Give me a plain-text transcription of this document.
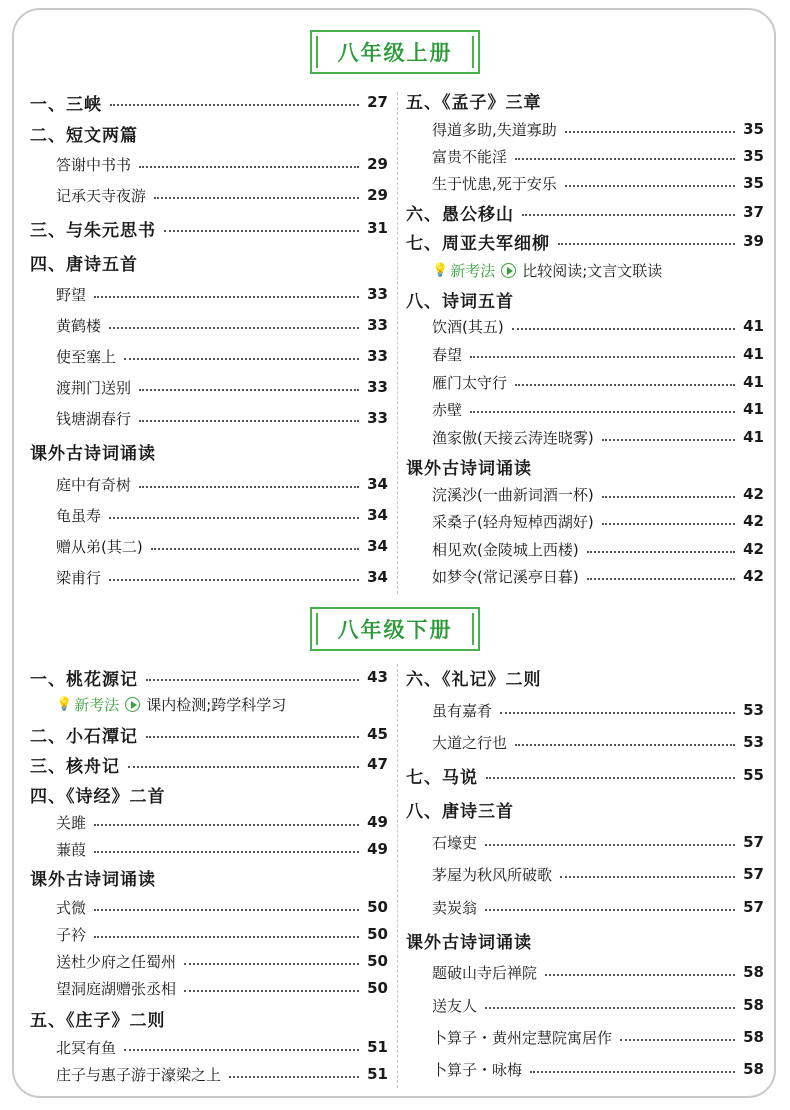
八年级上册
一、三峡	27
二、短文两篇
答谢中书书	29
记承天寺夜游	29
三、与朱元思书	31
四、唐诗五首
野望	33
黄鹤楼	33
使至塞上	33
渡荆门送别	33
钱塘湖春行	33
课外古诗词诵读
庭中有奇树	34
龟虽寿	34
赠从弟(其二)	34
梁甫行	34
五、《孟子》三章
得道多助,失道寡助	35
富贵不能淫	35
生于忧患,死于安乐	35
六、愚公移山	37
七、周亚夫军细柳	39
💡 新考法 比较阅读;文言文联读
八、诗词五首
饮酒(其五)	41
春望	41
雁门太守行	41
赤壁	41
渔家傲(天接云涛连晓雾)	41
课外古诗词诵读
浣溪沙(一曲新词酒一杯)	42
采桑子(轻舟短棹西湖好)	42
相见欢(金陵城上西楼)	42
如梦令(常记溪亭日暮)	42
八年级下册
一、桃花源记	43
💡 新考法 课内检测;跨学科学习
二、小石潭记	45
三、核舟记	47
四、《诗经》二首
关雎	49
蒹葭	49
课外古诗词诵读
式微	50
子衿	50
送杜少府之任蜀州	50
望洞庭湖赠张丞相	50
五、《庄子》二则
北冥有鱼	51
庄子与惠子游于濠梁之上	51
六、《礼记》二则
虽有嘉肴	53
大道之行也	53
七、马说	55
八、唐诗三首
石壕吏	57
茅屋为秋风所破歌	57
卖炭翁	57
课外古诗词诵读
题破山寺后禅院	58
送友人	58
卜算子・黄州定慧院寓居作	58
卜算子・咏梅	58
